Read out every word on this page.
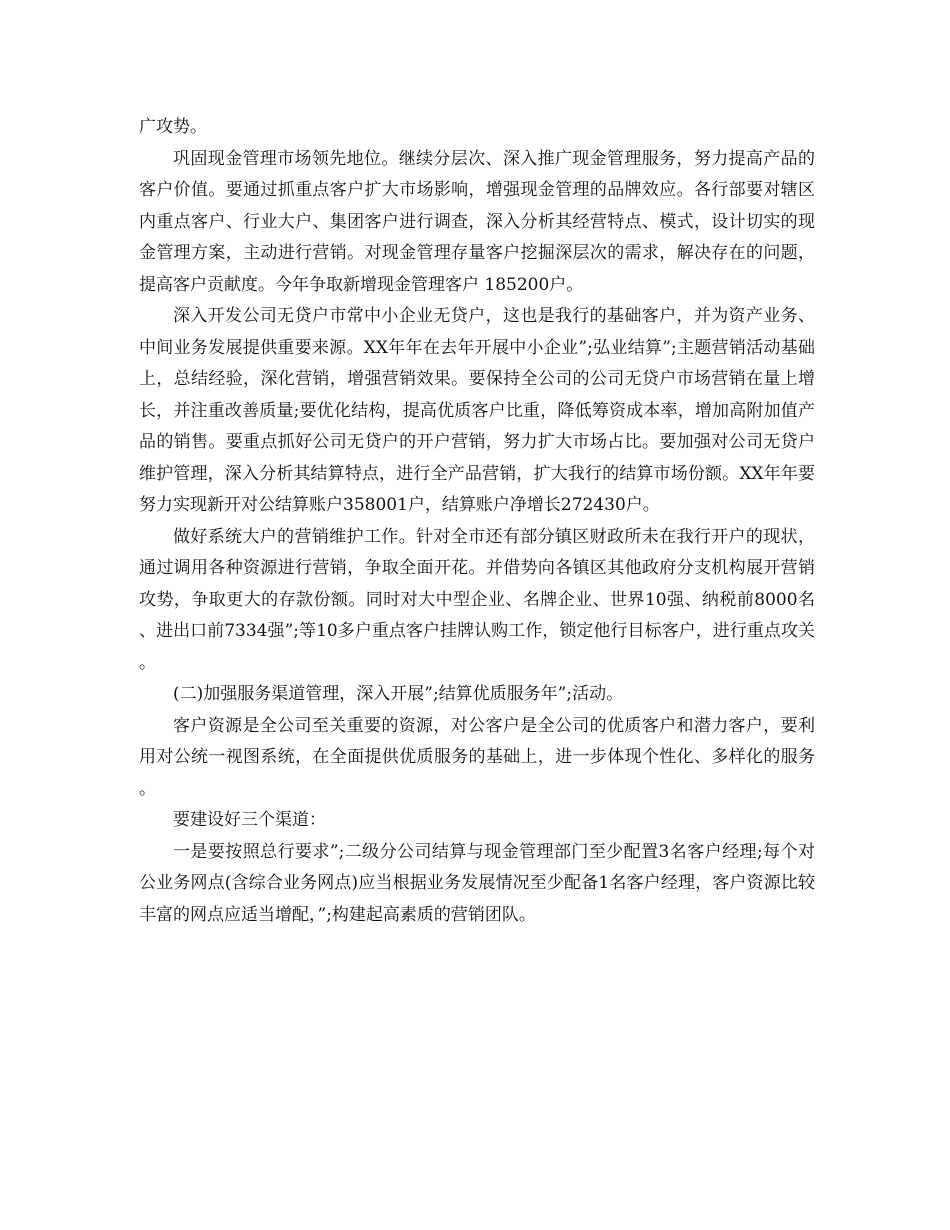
广攻势。

巩固现金管理市场领先地位。继续分层次、深入推广现金管理服务，努力提高产品的客户价值。要通过抓重点客户扩大市场影响，增强现金管理的品牌效应。各行部要对辖区内重点客户、行业大户、集团客户进行调查，深入分析其经营特点、模式，设计切实的现金管理方案，主动进行营销。对现金管理存量客户挖掘深层次的需求，解决存在的问题，提高客户贡献度。今年争取新增现金管理客户 185200户。

深入开发公司无贷户市常中小企业无贷户，这也是我行的基础客户，并为资产业务、中间业务发展提供重要来源。XX年年在去年开展中小企业”;弘业结算”;主题营销活动基础上，总结经验，深化营销，增强营销效果。要保持全公司的公司无贷户市场营销在量上增长，并注重改善质量;要优化结构，提高优质客户比重，降低筹资成本率，增加高附加值产品的销售。要重点抓好公司无贷户的开户营销，努力扩大市场占比。要加强对公司无贷户维护管理，深入分析其结算特点，进行全产品营销，扩大我行的结算市场份额。XX年年要努力实现新开对公结算账户358001户，结算账户净增长272430户。

做好系统大户的营销维护工作。针对全市还有部分镇区财政所未在我行开户的现状，通过调用各种资源进行营销，争取全面开花。并借势向各镇区其他政府分支机构展开营销攻势，争取更大的存款份额。同时对大中型企业、名牌企业、世界10强、纳税前8000名、进出口前7334强”;等10多户重点客户挂牌认购工作，锁定他行目标客户，进行重点攻关。

(二)加强服务渠道管理，深入开展”;结算优质服务年”;活动。

客户资源是全公司至关重要的资源，对公客户是全公司的优质客户和潜力客户，要利用对公统一视图系统，在全面提供优质服务的基础上，进一步体现个性化、多样化的服务。

要建设好三个渠道：

一是要按照总行要求”;二级分公司结算与现金管理部门至少配置3名客户经理;每个对公业务网点(含综合业务网点)应当根据业务发展情况至少配备1名客户经理，客户资源比较丰富的网点应适当增配，”;构建起高素质的营销团队。
